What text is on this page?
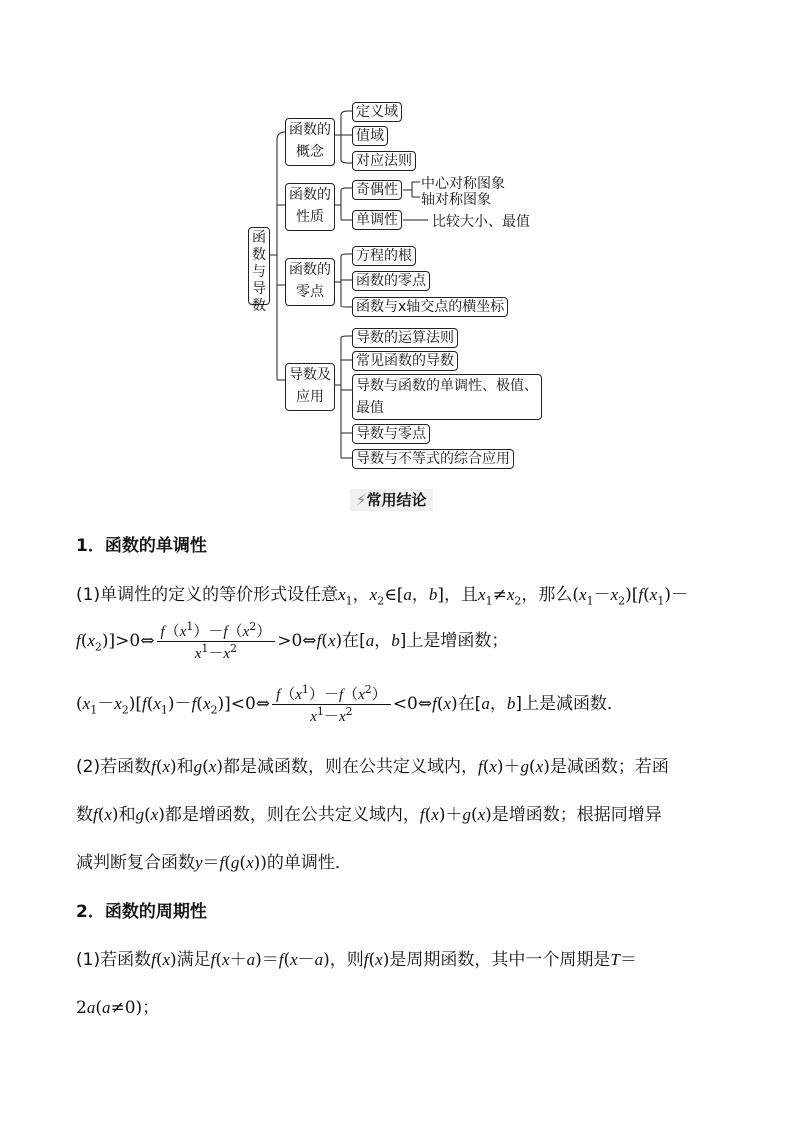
函数与导数
函数的
概念
函数的
性质
函数的
零点
导数及
应用
定义域
值域
对应法则
奇偶性
单调性
中心对称图象
轴对称图象
比较大小、最值
方程的根
函数的零点
函数与x轴交点的横坐标
导数的运算法则
常见函数的导数
导数与函数的单调性、极值、
最值
导数与零点
导数与不等式的综合应用
⚡常用结论
1．函数的单调性
(1)单调性的定义的等价形式设任意$x_1$，$x_2\in[a$，b]，且$x_1\ne x_2$，那么$(x_1-x_2)[f(x_1)-$
$f(x_2)]>0\Leftrightarrow \frac{f(x^1)-f(x^2)}{x^1-x^2}$ >0⇔f(x)在[a，b]上是增函数；
$(x_1-x_2)[f(x_1)-f(x_2)]<0\Leftrightarrow \frac{f(x^1)-f(x^2)}{x^1-x^2}$ <0⇔f(x)在[a，b]上是减函数．
(2)若函数f(x)和g(x)都是减函数，则在公共定义域内，f(x)＋g(x)是减函数；若函
数f(x)和g(x)都是增函数，则在公共定义域内，f(x)＋g(x)是增函数；根据同增异
减判断复合函数y＝f(g(x))的单调性．
2．函数的周期性
(1)若函数f(x)满足f(x＋a)＝f(x－a)，则f(x)是周期函数，其中一个周期是T＝
2a(a≠0)；
